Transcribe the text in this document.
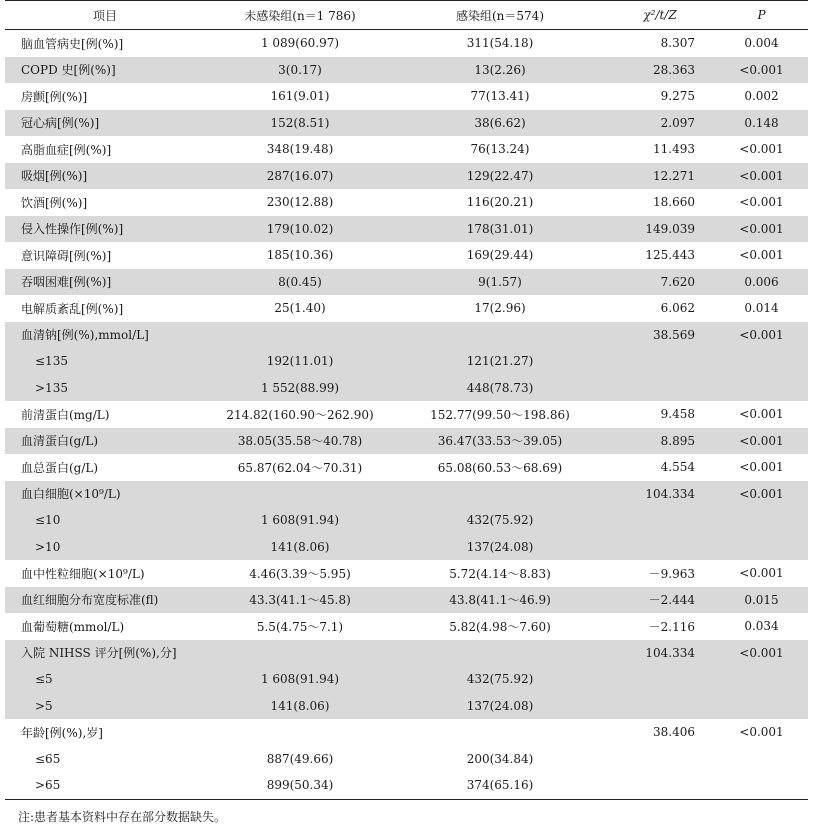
项目	未感染组(n＝1 786)	感染组(n＝574)	χ²/t/Z	P
脑血管病史[例(%)]	1 089(60.97)	311(54.18)	8.307	0.004
COPD 史[例(%)]	3(0.17)	13(2.26)	28.363	<0.001
房颤[例(%)]	161(9.01)	77(13.41)	9.275	0.002
冠心病[例(%)]	152(8.51)	38(6.62)	2.097	0.148
高脂血症[例(%)]	348(19.48)	76(13.24)	11.493	<0.001
吸烟[例(%)]	287(16.07)	129(22.47)	12.271	<0.001
饮酒[例(%)]	230(12.88)	116(20.21)	18.660	<0.001
侵入性操作[例(%)]	179(10.02)	178(31.01)	149.039	<0.001
意识障碍[例(%)]	185(10.36)	169(29.44)	125.443	<0.001
吞咽困难[例(%)]	8(0.45)	9(1.57)	7.620	0.006
电解质紊乱[例(%)]	25(1.40)	17(2.96)	6.062	0.014
血清钠[例(%),mmol/L]			38.569	<0.001
≤135	192(11.01)	121(21.27)		
>135	1 552(88.99)	448(78.73)		
前清蛋白(mg/L)	214.82(160.90～262.90)	152.77(99.50～198.86)	9.458	<0.001
血清蛋白(g/L)	38.05(35.58～40.78)	36.47(33.53～39.05)	8.895	<0.001
血总蛋白(g/L)	65.87(62.04～70.31)	65.08(60.53～68.69)	4.554	<0.001
血白细胞(×10⁹/L)			104.334	<0.001
≤10	1 608(91.94)	432(75.92)		
>10	141(8.06)	137(24.08)		
血中性粒细胞(×10⁹/L)	4.46(3.39～5.95)	5.72(4.14～8.83)	－9.963	<0.001
血红细胞分布宽度标准(fl)	43.3(41.1～45.8)	43.8(41.1～46.9)	－2.444	0.015
血葡萄糖(mmol/L)	5.5(4.75～7.1)	5.82(4.98～7.60)	－2.116	0.034
入院 NIHSS 评分[例(%),分]			104.334	<0.001
≤5	1 608(91.94)	432(75.92)		
>5	141(8.06)	137(24.08)		
年龄[例(%),岁]			38.406	<0.001
≤65	887(49.66)	200(34.84)		
>65	899(50.34)	374(65.16)		
注:患者基本资料中存在部分数据缺失。
